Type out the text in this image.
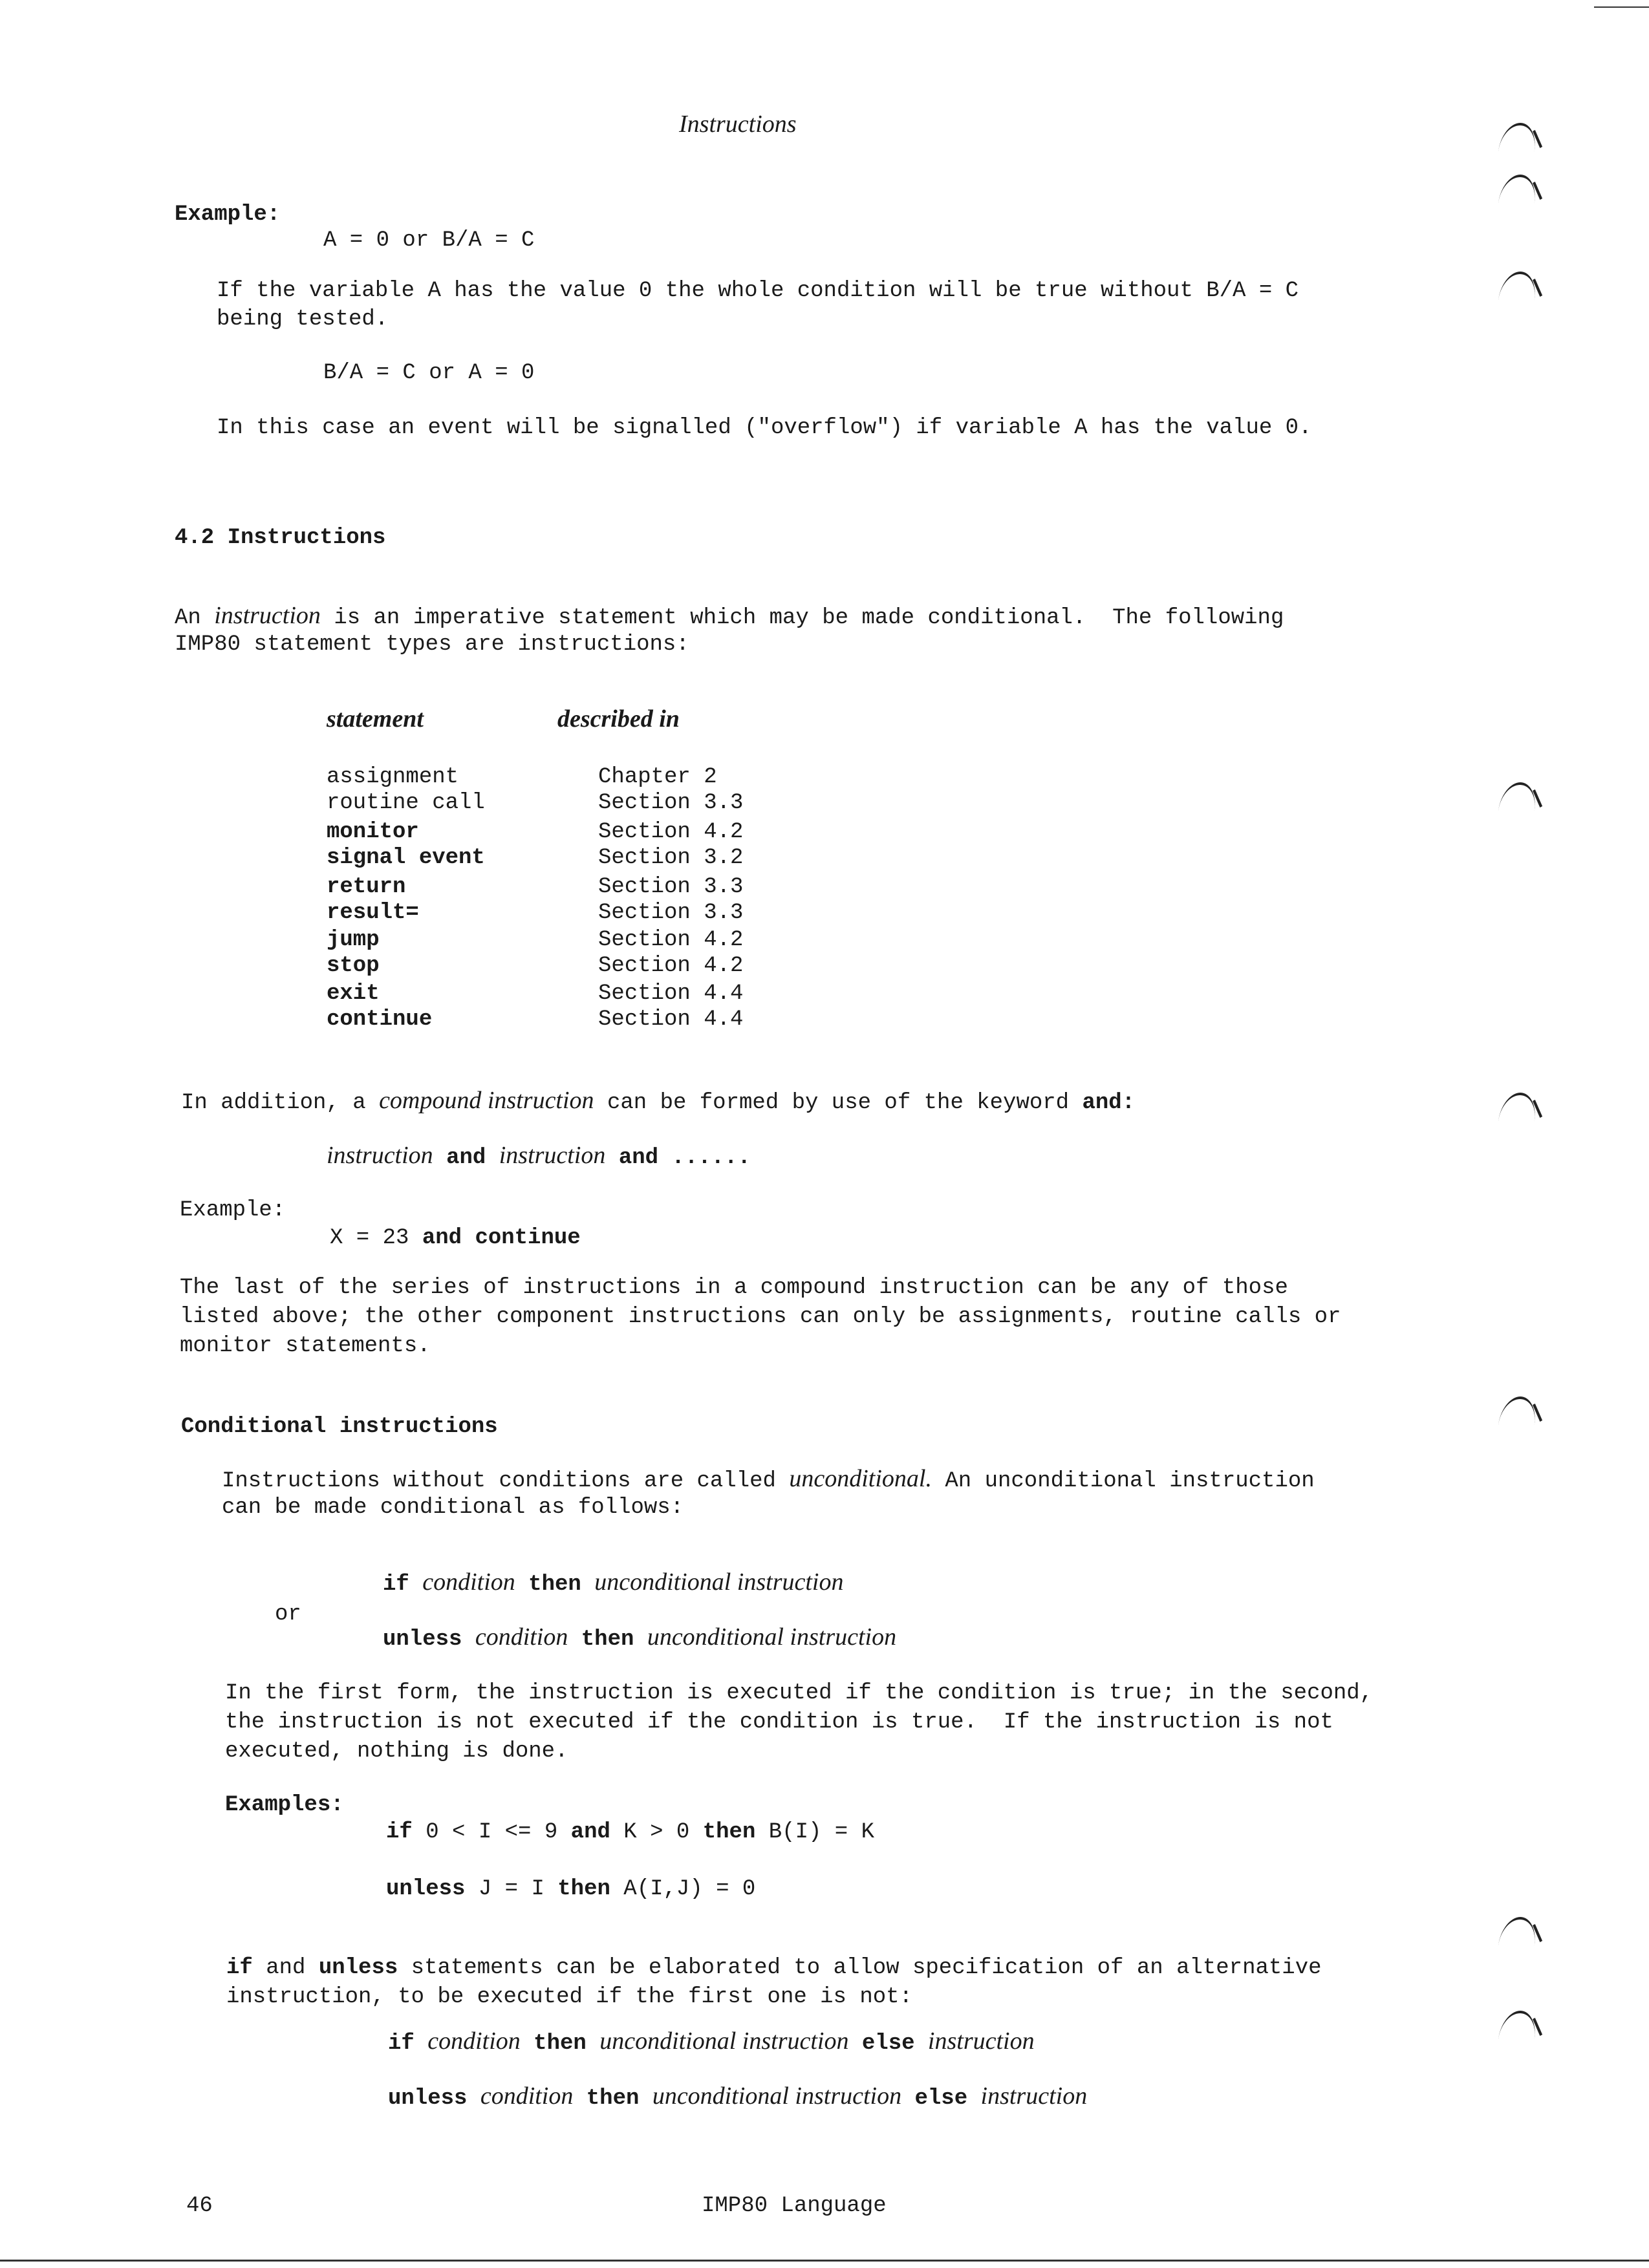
Instructions
Example:
A = 0 or B/A = C
If the variable A has the value 0 the whole condition will be true without B/A = C
being tested.
B/A = C or A = 0
In this case an event will be signalled ("overflow") if variable A has the value 0.
4.2 Instructions
An instruction is an imperative statement which may be made conditional.  The following
IMP80 statement types are instructions:
statement	described in
assignment	Chapter 2
routine call	Section 3.3
monitor	Section 4.2
signal event	Section 3.2
return	Section 3.3
result=	Section 3.3
jump	Section 4.2
stop	Section 4.2
exit	Section 4.4
continue	Section 4.4
In addition, a compound instruction can be formed by use of the keyword and:
instruction and instruction and ......
Example:
X = 23 and continue
The last of the series of instructions in a compound instruction can be any of those
listed above; the other component instructions can only be assignments, routine calls or
monitor statements.
Conditional instructions
Instructions without conditions are called unconditional. An unconditional instruction
can be made conditional as follows:
if condition then unconditional instruction
or
unless condition then unconditional instruction
In the first form, the instruction is executed if the condition is true; in the second,
the instruction is not executed if the condition is true.  If the instruction is not
executed, nothing is done.
Examples:
if 0 < I <= 9 and K > 0 then B(I) = K
unless J = I then A(I,J) = 0
if and unless statements can be elaborated to allow specification of an alternative
instruction, to be executed if the first one is not:
if condition then unconditional instruction else instruction
unless condition then unconditional instruction else instruction
46	IMP80 Language
